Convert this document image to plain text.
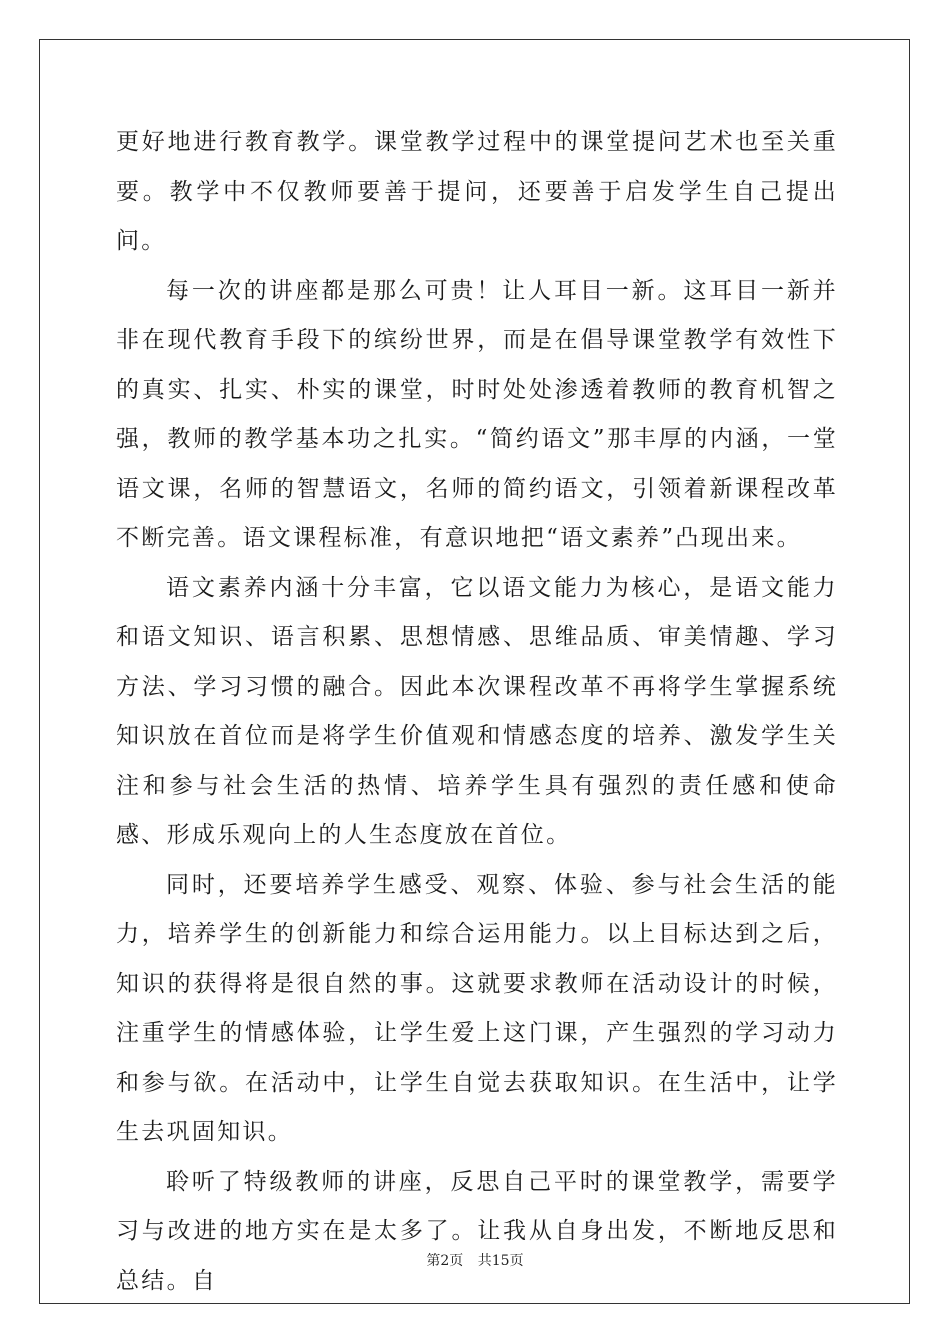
更好地进行教育教学。课堂教学过程中的课堂提问艺术也至关重要。教学中不仅教师要善于提问，还要善于启发学生自己提出问。

每一次的讲座都是那么可贵！让人耳目一新。这耳目一新并非在现代教育手段下的缤纷世界，而是在倡导课堂教学有效性下的真实、扎实、朴实的课堂，时时处处渗透着教师的教育机智之强，教师的教学基本功之扎实。“简约语文”那丰厚的内涵，一堂语文课，名师的智慧语文，名师的简约语文，引领着新课程改革不断完善。语文课程标准，有意识地把“语文素养”凸现出来。

语文素养内涵十分丰富，它以语文能力为核心，是语文能力和语文知识、语言积累、思想情感、思维品质、审美情趣、学习方法、学习习惯的融合。因此本次课程改革不再将学生掌握系统知识放在首位而是将学生价值观和情感态度的培养、激发学生关注和参与社会生活的热情、培养学生具有强烈的责任感和使命感、形成乐观向上的人生态度放在首位。

同时，还要培养学生感受、观察、体验、参与社会生活的能力，培养学生的创新能力和综合运用能力。以上目标达到之后，知识的获得将是很自然的事。这就要求教师在活动设计的时候，注重学生的情感体验，让学生爱上这门课，产生强烈的学习动力和参与欲。在活动中，让学生自觉去获取知识。在生活中，让学生去巩固知识。

聆听了特级教师的讲座，反思自己平时的课堂教学，需要学习与改进的地方实在是太多了。让我从自身出发，不断地反思和总结。自

第2页 共15页
